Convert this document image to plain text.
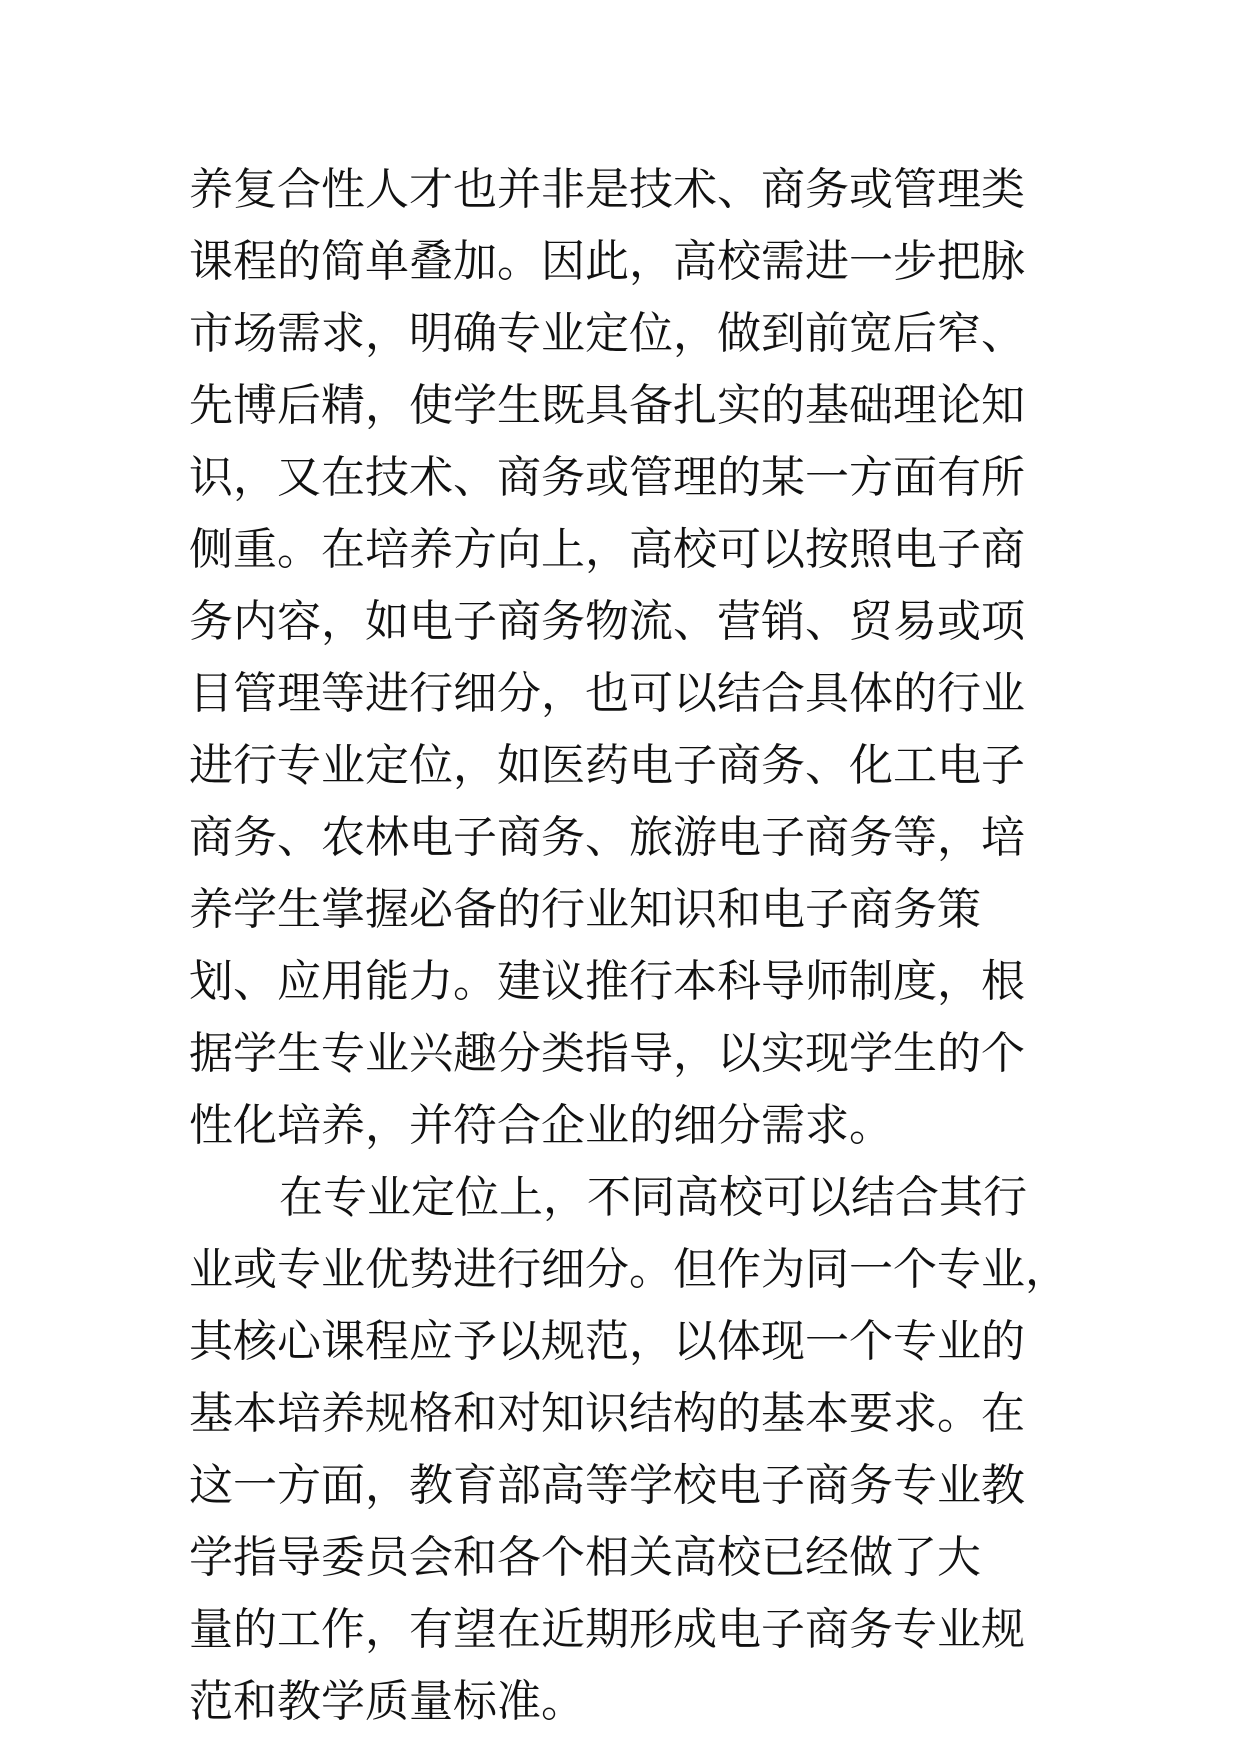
养复合性人才也并非是技术、商务或管理类
课程的简单叠加。因此，高校需进一步把脉
市场需求，明确专业定位，做到前宽后窄、
先博后精，使学生既具备扎实的基础理论知
识，又在技术、商务或管理的某一方面有所
侧重。在培养方向上，高校可以按照电子商
务内容，如电子商务物流、营销、贸易或项
目管理等进行细分，也可以结合具体的行业
进行专业定位，如医药电子商务、化工电子
商务、农林电子商务、旅游电子商务等，培
养学生掌握必备的行业知识和电子商务策
划、应用能力。建议推行本科导师制度，根
据学生专业兴趣分类指导，以实现学生的个
性化培养，并符合企业的细分需求。
在专业定位上，不同高校可以结合其行
业或专业优势进行细分。但作为同一个专业，
其核心课程应予以规范，以体现一个专业的
基本培养规格和对知识结构的基本要求。在
这一方面，教育部高等学校电子商务专业教
学指导委员会和各个相关高校已经做了大
量的工作，有望在近期形成电子商务专业规
范和教学质量标准。
